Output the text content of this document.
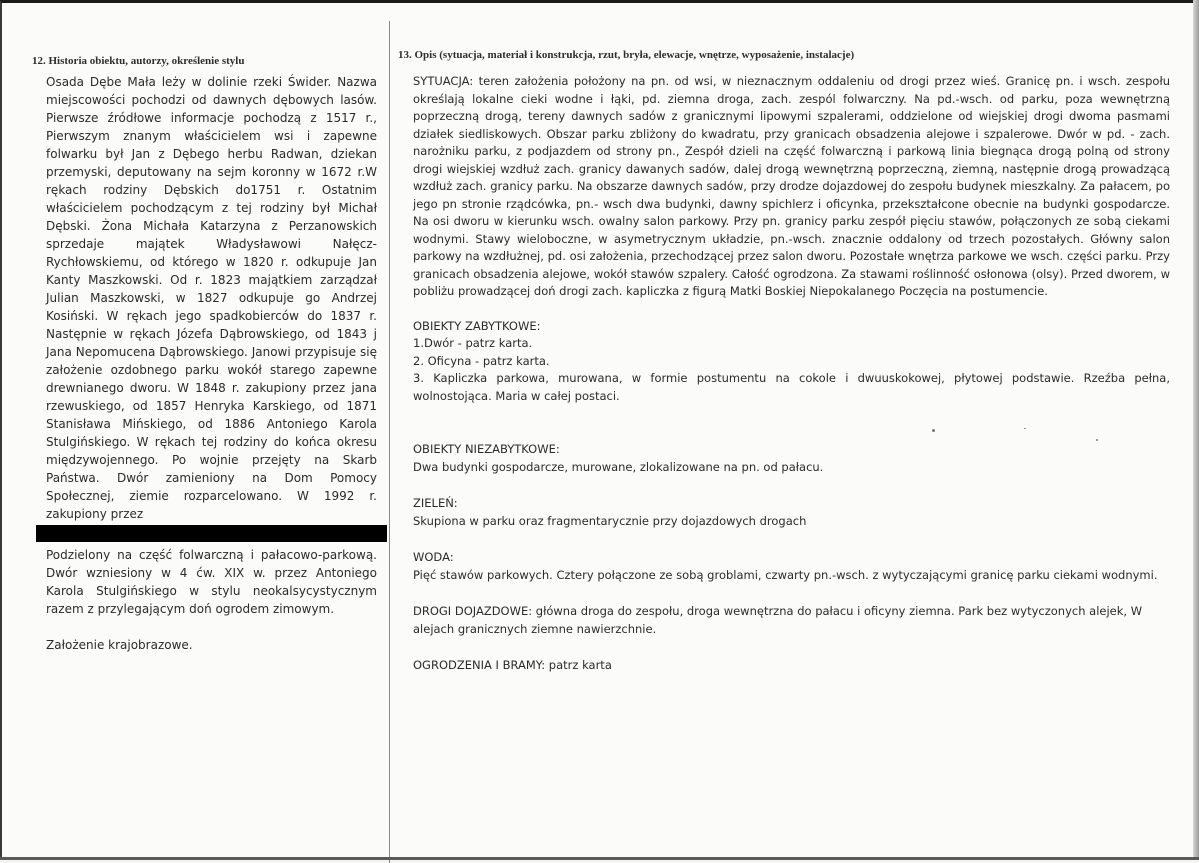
12. Historia obiektu, autorzy, określenie stylu	13. Opis (sytuacja, materiał i konstrukcja, rzut, bryła, elewacje, wnętrze, wyposażenie, instalacje)

Osada Dębe Mała leży w dolinie rzeki Świder. Nazwa miejscowości pochodzi od dawnych dębowych lasów. Pierwsze źródłowe informacje pochodzą z 1517 r., Pierwszym znanym właścicielem wsi i zapewne folwarku był Jan z Dębego herbu Radwan, dziekan przemyski, deputowany na sejm koronny w 1672 r.W rękach rodziny Dębskich do1751 r. Ostatnim właścicielem pochodzącym z tej rodziny był Michał Dębski. Żona Michała Katarzyna z Perzanowskich sprzedaje majątek Władysławowi Nałęcz-Rychłowskiemu, od którego w 1820 r. odkupuje Jan Kanty Maszkowski. Od r. 1823 majątkiem zarządzał Julian Maszkowski, w 1827 odkupuje go Andrzej Kosiński. W rękach jego spadkobierców do 1837 r. Następnie w rękach Józefa Dąbrowskiego, od 1843 j Jana Nepomucena Dąbrowskiego. Janowi przypisuje się założenie ozdobnego parku wokół starego zapewne drewnianego dworu. W 1848 r. zakupiony przez jana rzewuskiego, od 1857 Henryka Karskiego, od 1871 Stanisława Mińskiego, od 1886 Antoniego Karola Stulgińskiego. W rękach tej rodziny do końca okresu międzywojennego. Po wojnie przejęty na Skarb Państwa. Dwór zamieniony na Dom Pomocy Społecznej, ziemie rozparcelowano. W 1992 r. zakupiony przez

Podzielony na część folwarczną i pałacowo-parkową. Dwór wzniesiony w 4 ćw. XIX w. przez Antoniego Karola Stulgińskiego w stylu neokalsycystycznym razem z przylegającym doń ogrodem zimowym.

Założenie krajobrazowe.

SYTUACJA: teren założenia położony na pn. od wsi, w nieznacznym oddaleniu od drogi przez wieś. Granicę pn. i wsch. zespołu określają lokalne cieki wodne i łąki, pd. ziemna droga, zach. zespól folwarczny. Na pd.-wsch. od parku, poza wewnętrzną poprzeczną drogą, tereny dawnych sadów z granicznymi lipowymi szpalerami, oddzielone od wiejskiej drogi dwoma pasmami działek siedliskowych. Obszar parku zbliżony do kwadratu, przy granicach obsadzenia alejowe i szpalerowe. Dwór w pd. - zach. narożniku parku, z podjazdem od strony pn., Zespół dzieli na część folwarczną i parkową linia biegnąca drogą polną od strony drogi wiejskiej wzdłuż zach. granicy dawanych sadów, dalej drogą wewnętrzną poprzeczną, ziemną, następnie drogą prowadzącą wzdłuż zach. granicy parku. Na obszarze dawnych sadów, przy drodze dojazdowej do zespołu budynek mieszkalny. Za pałacem, po jego pn stronie rządcówka, pn.- wsch dwa budynki, dawny spichlerz i oficynka, przekształcone obecnie na budynki gospodarcze. Na osi dworu w kierunku wsch. owalny salon parkowy. Przy pn. granicy parku zespół pięciu stawów, połączonych ze sobą ciekami wodnymi. Stawy wieloboczne, w asymetrycznym układzie, pn.-wsch. znacznie oddalony od trzech pozostałych. Główny salon parkowy na wzdłużnej, pd. osi założenia, przechodzącej przez salon dworu. Pozostałe wnętrza parkowe we wsch. części parku. Przy granicach obsadzenia alejowe, wokół stawów szpalery. Całość ogrodzona. Za stawami roślinność osłonowa (olsy). Przed dworem, w pobliżu prowadzącej doń drogi zach. kapliczka z figurą Matki Boskiej Niepokalanego Poczęcia na postumencie.

OBIEKTY ZABYTKOWE:

1.Dwór - patrz karta.

2. Oficyna - patrz karta.

3. Kapliczka parkowa, murowana, w formie postumentu na cokole i dwuuskokowej, płytowej podstawie. Rzeźba pełna, wolnostojąca. Maria w całej postaci.

OBIEKTY NIEZABYTKOWE:

Dwa budynki gospodarcze, murowane, zlokalizowane na pn. od pałacu.

ZIELEŃ:

Skupiona w parku oraz fragmentarycznie przy dojazdowych drogach

WODA:

Pięć stawów parkowych. Cztery połączone ze sobą groblami, czwarty pn.-wsch. z wytyczającymi granicę parku ciekami wodnymi.

DROGI DOJAZDOWE: główna droga do zespołu, droga wewnętrzna do pałacu i oficyny ziemna. Park bez wytyczonych alejek, W alejach granicznych ziemne nawierzchnie.

OGRODZENIA I BRAMY: patrz karta
